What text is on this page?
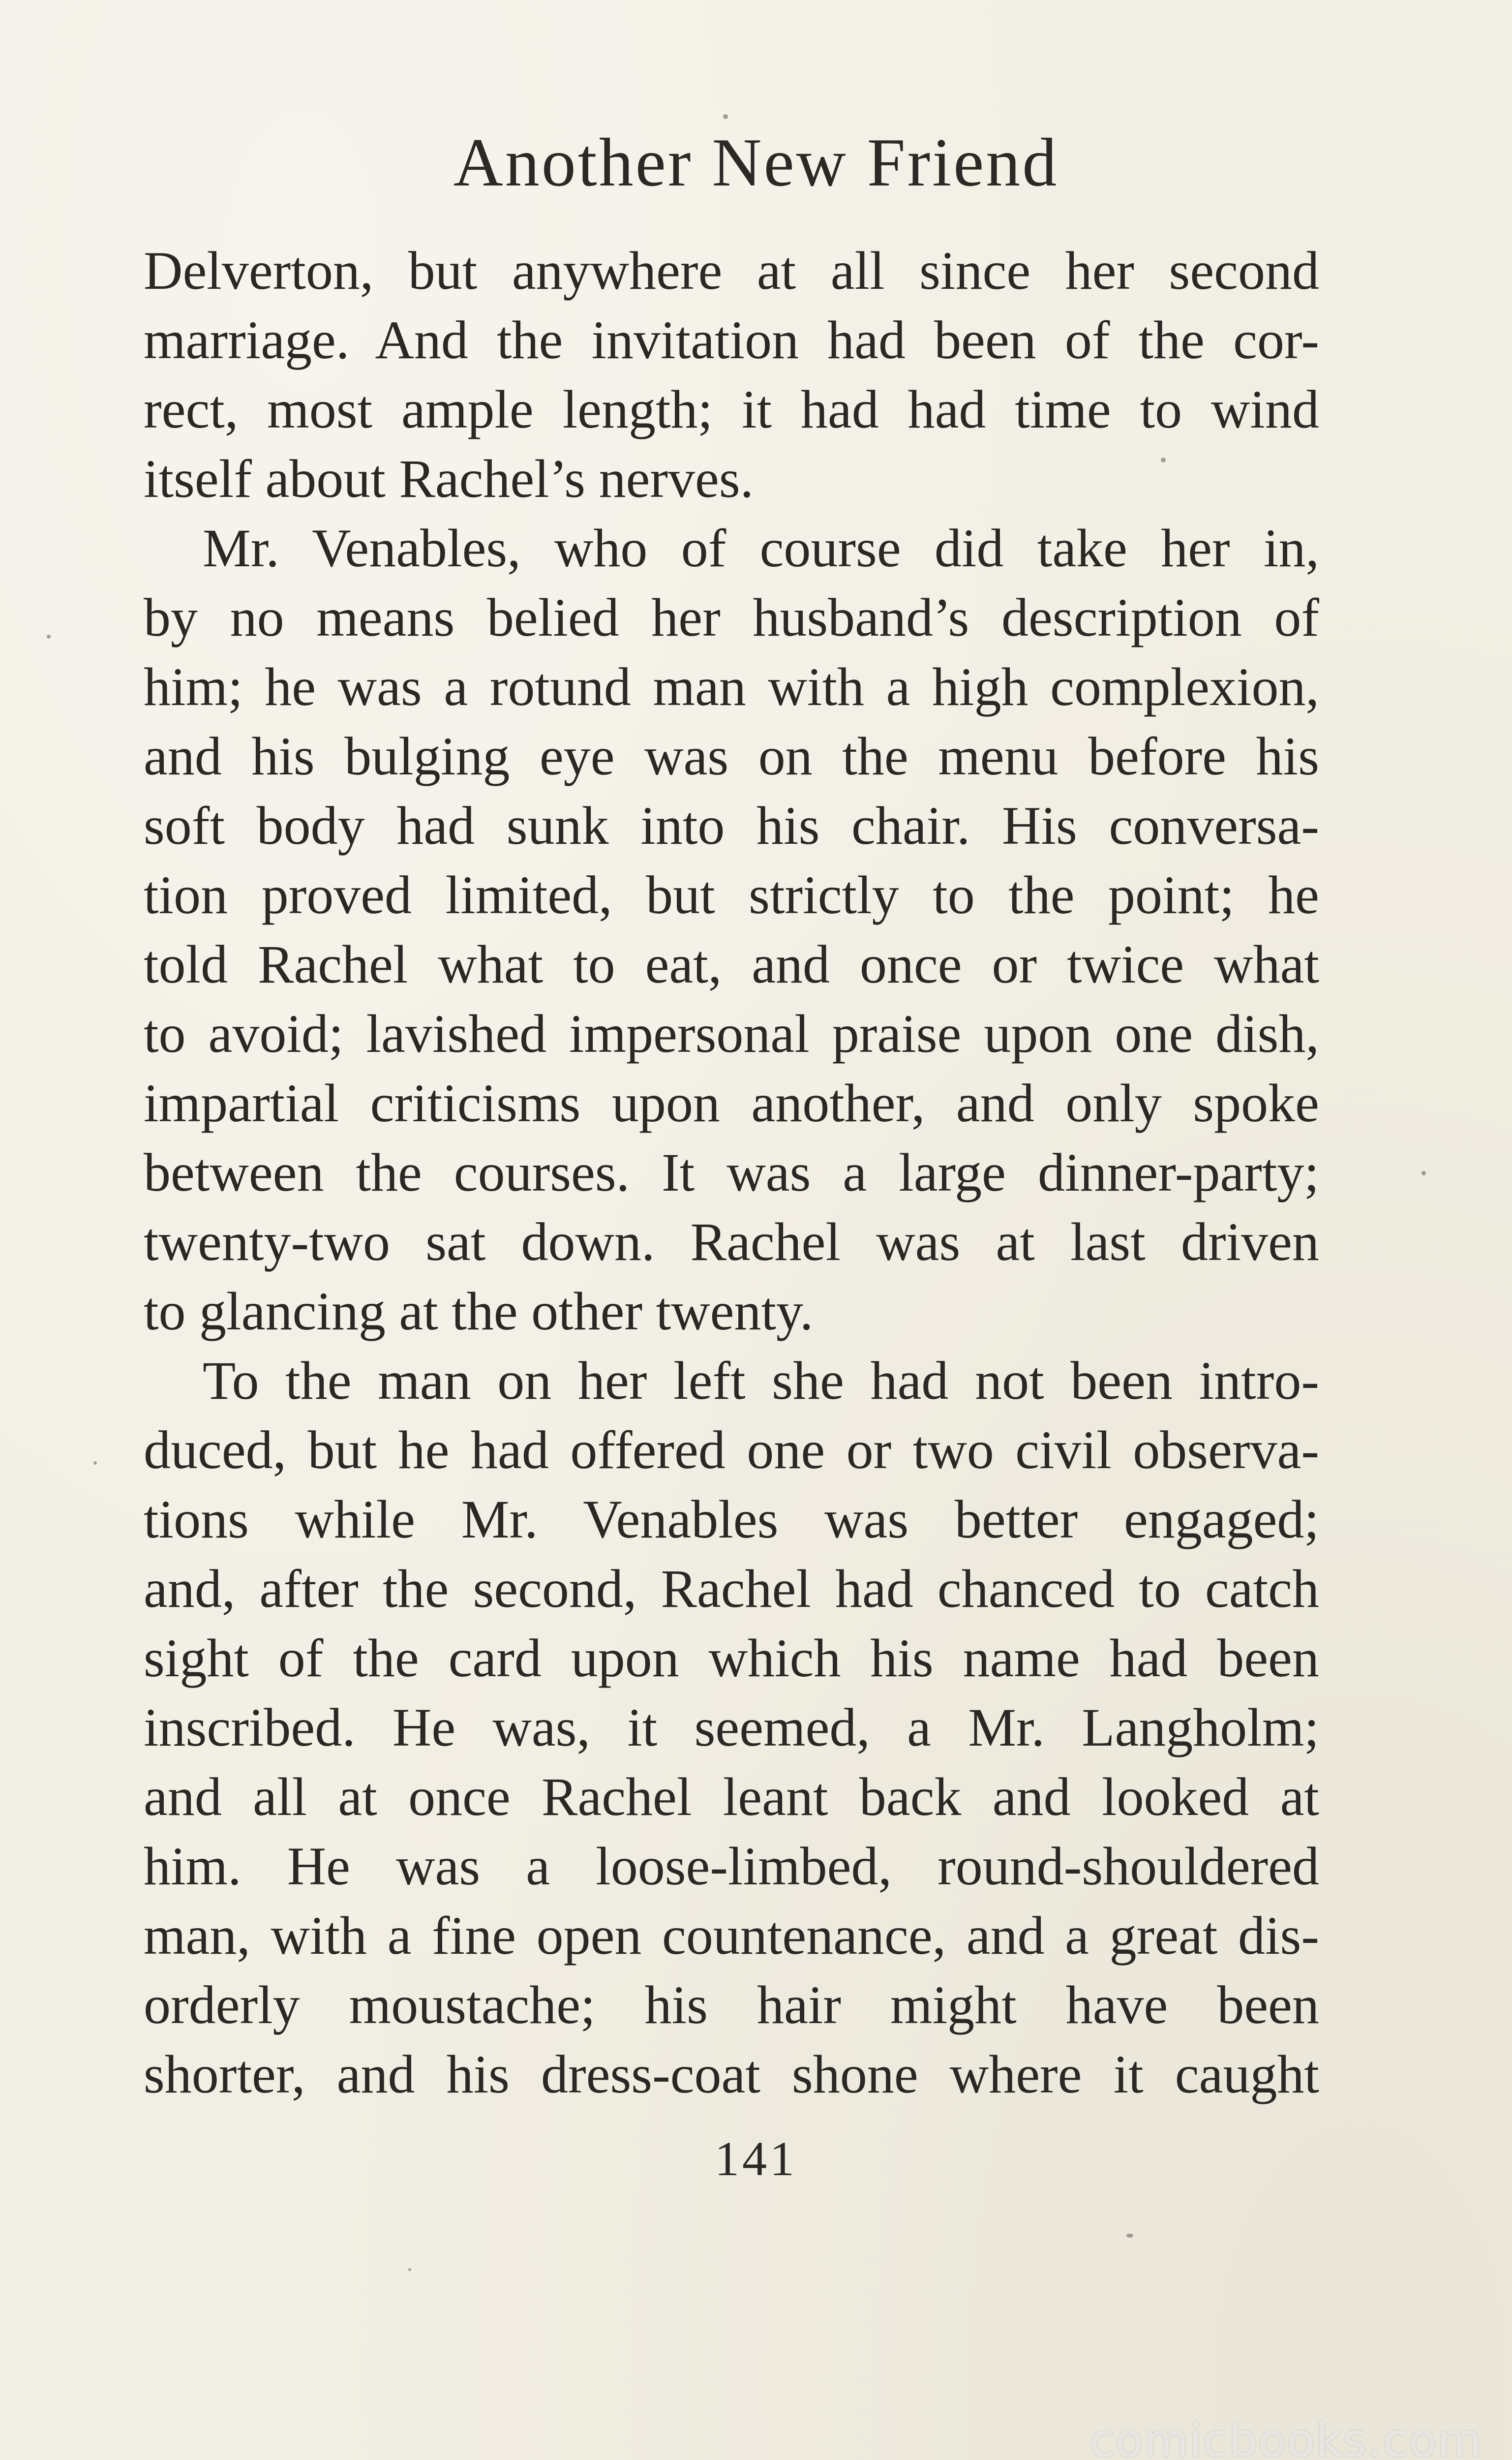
Another New Friend
Delverton, but anywhere at all since her second
marriage. And the invitation had been of the cor-
rect, most ample length; it had had time to wind
itself about Rachel’s nerves.
Mr. Venables, who of course did take her in,
by no means belied her husband’s description of
him; he was a rotund man with a high complexion,
and his bulging eye was on the menu before his
soft body had sunk into his chair. His conversa-
tion proved limited, but strictly to the point; he
told Rachel what to eat, and once or twice what
to avoid; lavished impersonal praise upon one dish,
impartial criticisms upon another, and only spoke
between the courses. It was a large dinner-party;
twenty-two sat down. Rachel was at last driven
to glancing at the other twenty.
To the man on her left she had not been intro-
duced, but he had offered one or two civil observa-
tions while Mr. Venables was better engaged;
and, after the second, Rachel had chanced to catch
sight of the card upon which his name had been
inscribed. He was, it seemed, a Mr. Langholm;
and all at once Rachel leant back and looked at
him. He was a loose-limbed, round-shouldered
man, with a fine open countenance, and a great dis-
orderly moustache; his hair might have been
shorter, and his dress-coat shone where it caught
141
comicbooks.com
